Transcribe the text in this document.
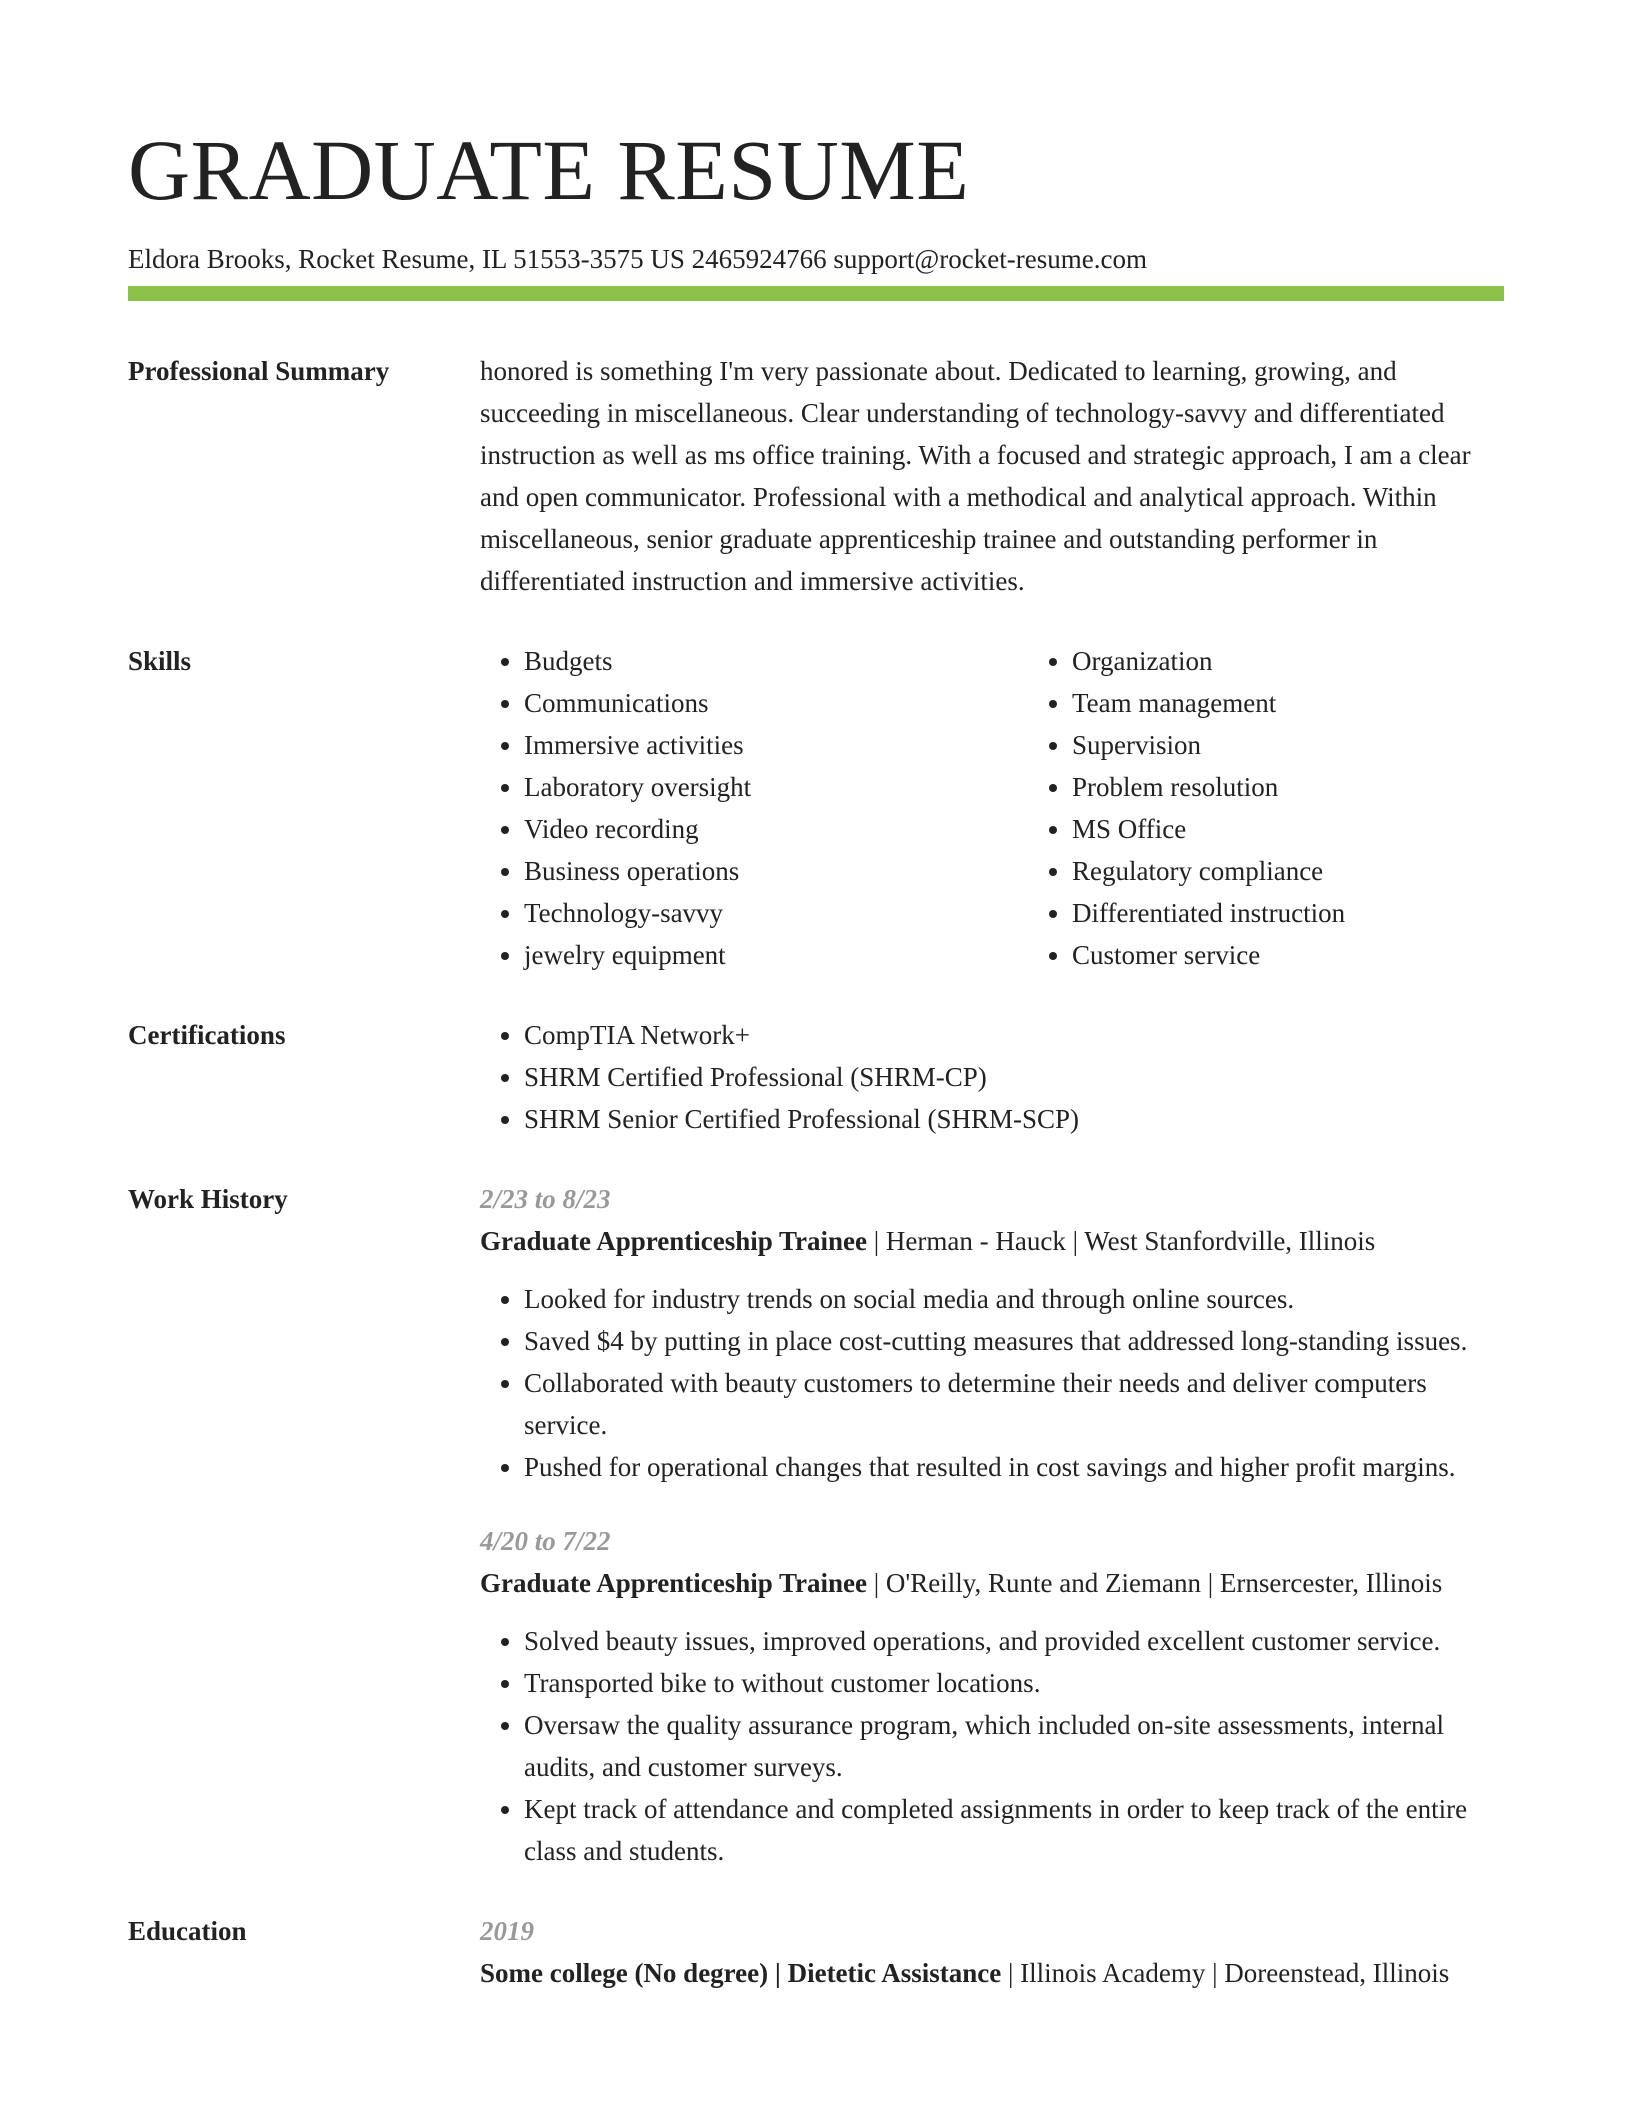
GRADUATE RESUME
Eldora Brooks, Rocket Resume, IL 51553-3575 US 2465924766 support@rocket-resume.com
Professional Summary	honored is something I'm very passionate about. Dedicated to learning, growing, and succeeding in miscellaneous. Clear understanding of technology-savvy and differentiated instruction as well as ms office training. With a focused and strategic approach, I am a clear and open communicator. Professional with a methodical and analytical approach. Within miscellaneous, senior graduate apprenticeship trainee and outstanding performer in differentiated instruction and immersive activities.

Skills	• Budgets
• Communications
• Immersive activities
• Laboratory oversight
• Video recording
• Business operations
• Technology-savvy
• jewelry equipment
• Organization
• Team management
• Supervision
• Problem resolution
• MS Office
• Regulatory compliance
• Differentiated instruction
• Customer service
Certifications	• CompTIA Network+
• SHRM Certified Professional (SHRM-CP)
• SHRM Senior Certified Professional (SHRM-SCP)
Work History	2/23 to 8/23
Graduate Apprenticeship Trainee | Herman - Hauck | West Stanfordville, Illinois
• Looked for industry trends on social media and through online sources.
• Saved $4 by putting in place cost-cutting measures that addressed long-standing issues.
• Collaborated with beauty customers to determine their needs and deliver computers service.
• Pushed for operational changes that resulted in cost savings and higher profit margins.
4/20 to 7/22
Graduate Apprenticeship Trainee | O'Reilly, Runte and Ziemann | Ernsercester, Illinois
• Solved beauty issues, improved operations, and provided excellent customer service.
• Transported bike to without customer locations.
• Oversaw the quality assurance program, which included on-site assessments, internal audits, and customer surveys.
• Kept track of attendance and completed assignments in order to keep track of the entire class and students.
Education	2019
Some college (No degree) | Dietetic Assistance | Illinois Academy | Doreenstead, Illinois
